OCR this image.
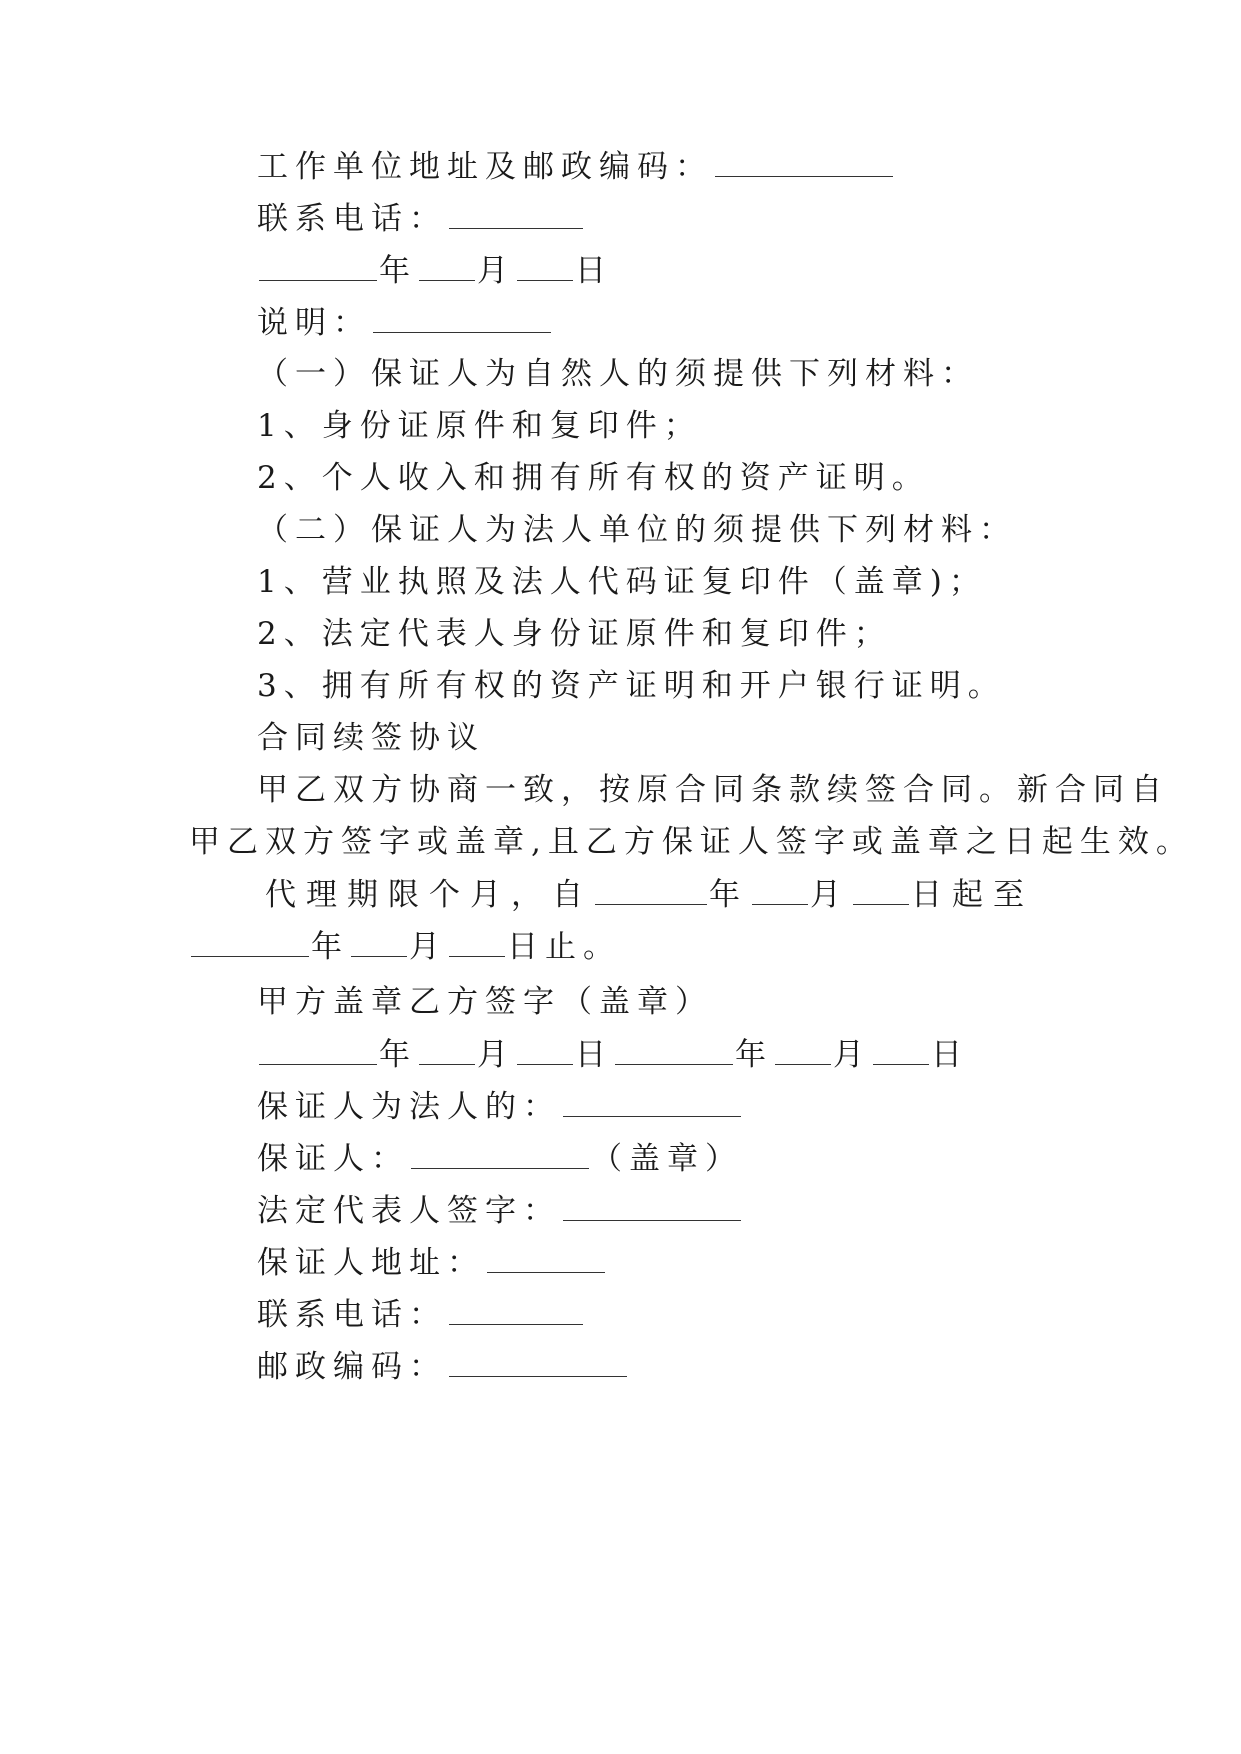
工作单位地址及邮政编码：
联系电话：
年 月 日
说明：
（一）保证人为自然人的须提供下列材料：
1、身份证原件和复印件；
2、个人收入和拥有所有权的资产证明。
（二）保证人为法人单位的须提供下列材料：
1、营业执照及法人代码证复印件（盖章)；
2、法定代表人身份证原件和复印件；
3、拥有所有权的资产证明和开户银行证明。
合同续签协议
甲乙双方协商一致，按原合同条款续签合同。新合同自
甲乙双方签字或盖章,且乙方保证人签字或盖章之日起生效。
代理期限个月，自	年 月 日起至
年 月 日止。
甲方盖章乙方签字（盖章）
年 月 日	年 月 日
保证人为法人的：
保证人：	（盖章）
法定代表人签字：
保证人地址：
联系电话：
邮政编码：
